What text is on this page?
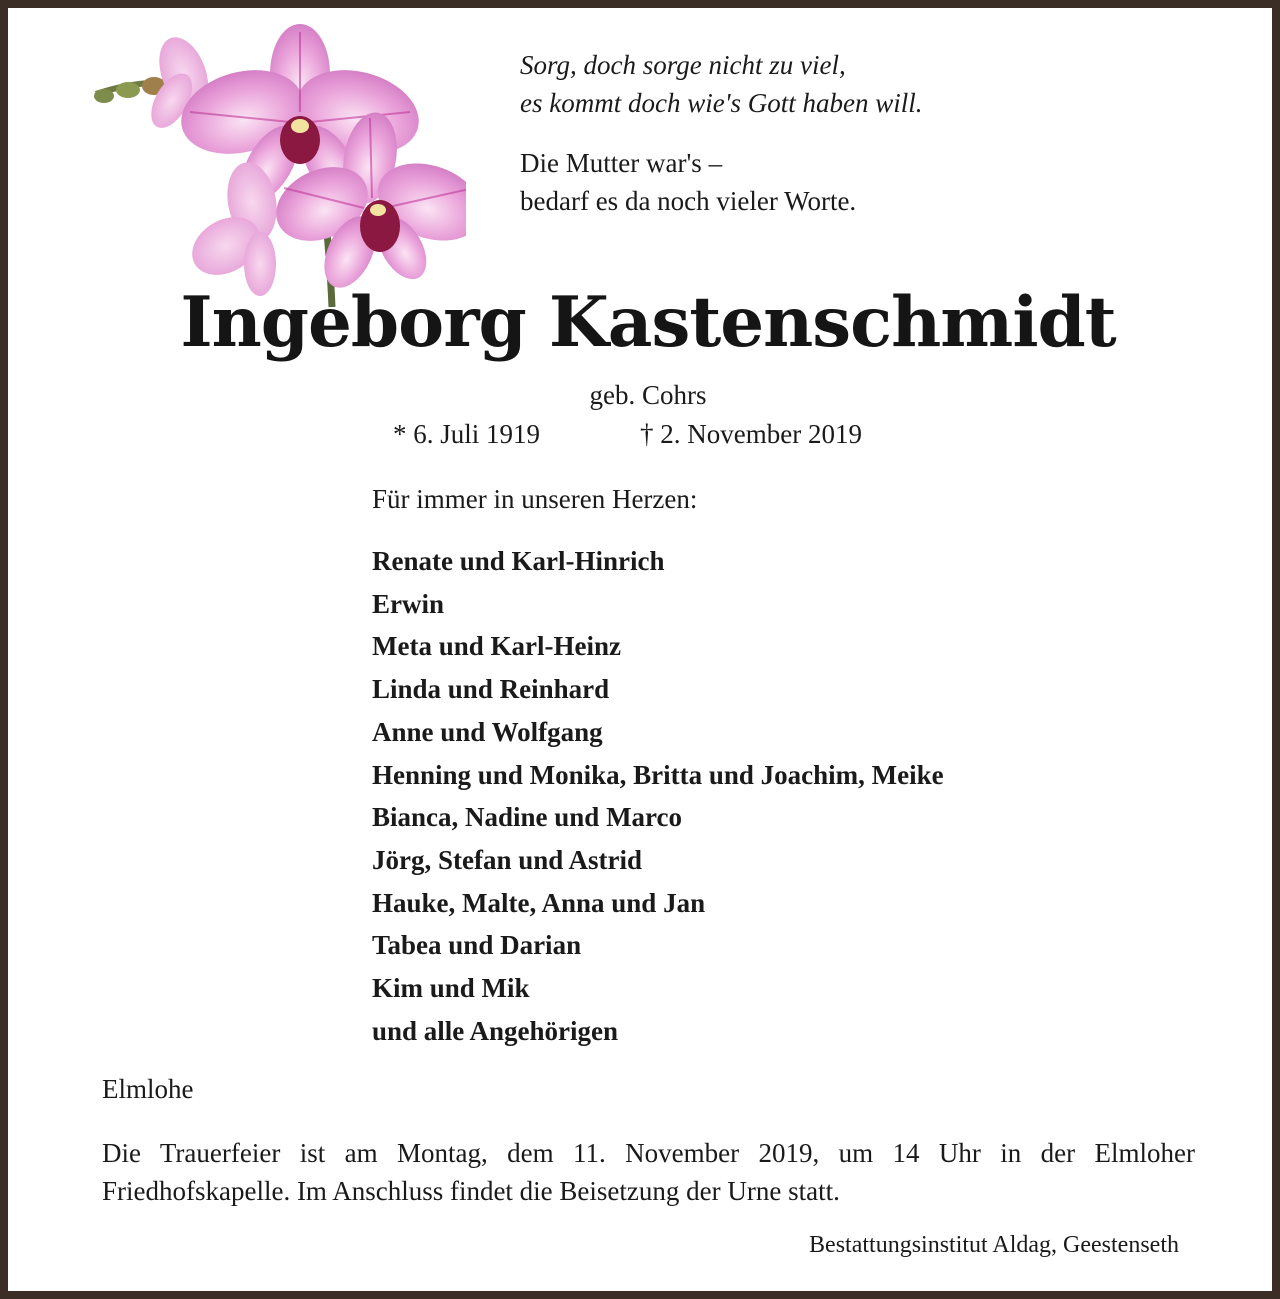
Sorg, doch sorge nicht zu viel,
es kommt doch wie's Gott haben will.
Die Mutter war's –
bedarf es da noch vieler Worte.
Ingeborg Kastenschmidt
geb. Cohrs
* 6. Juli 1919	† 2. November 2019
Für immer in unseren Herzen:
Renate und Karl-Hinrich
Erwin
Meta und Karl-Heinz
Linda und Reinhard
Anne und Wolfgang
Henning und Monika, Britta und Joachim, Meike
Bianca, Nadine und Marco
Jörg, Stefan und Astrid
Hauke, Malte, Anna und Jan
Tabea und Darian
Kim und Mik
und alle Angehörigen
Elmlohe
Die Trauerfeier ist am Montag, dem 11. November 2019, um 14 Uhr in der Elmloher Friedhofskapelle. Im Anschluss findet die Beisetzung der Urne statt.
Bestattungsinstitut Aldag, Geestenseth
